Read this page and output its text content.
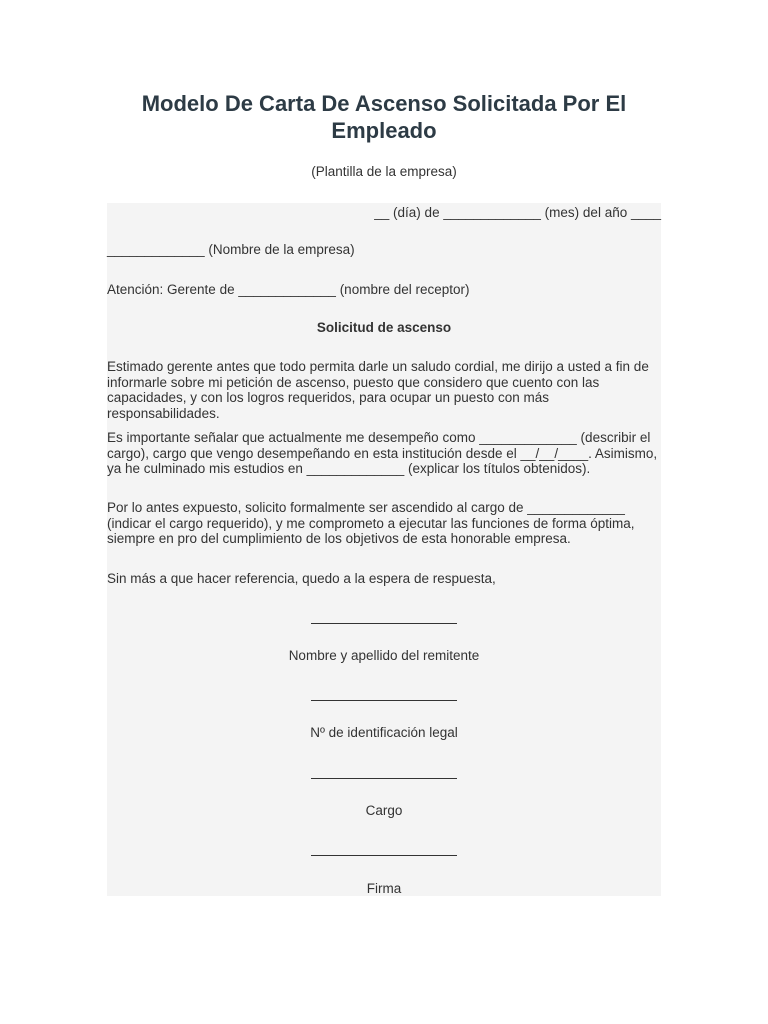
Modelo De Carta De Ascenso Solicitada Por El Empleado
(Plantilla de la empresa)
__ (día) de _____________ (mes) del año ____
_____________ (Nombre de la empresa)
Atención: Gerente de _____________ (nombre del receptor)
Solicitud de ascenso

Estimado gerente antes que todo permita darle un saludo cordial, me dirijo a usted a fin de informarle sobre mi petición de ascenso, puesto que considero que cuento con las capacidades, y con los logros requeridos, para ocupar un puesto con más responsabilidades.

Es importante señalar que actualmente me desempeño como _____________ (describir el cargo), cargo que vengo desempeñando en esta institución desde el __/__/____. Asimismo, ya he culminado mis estudios en _____________ (explicar los títulos obtenidos).

Por lo antes expuesto, solicito formalmente ser ascendido al cargo de _____________ (indicar el cargo requerido), y me comprometo a ejecutar las funciones de forma óptima, siempre en pro del cumplimiento de los objetivos de esta honorable empresa.

Sin más a que hacer referencia, quedo a la espera de respuesta,
Nombre y apellido del remitente
Nº de identificación legal
Cargo
Firma
